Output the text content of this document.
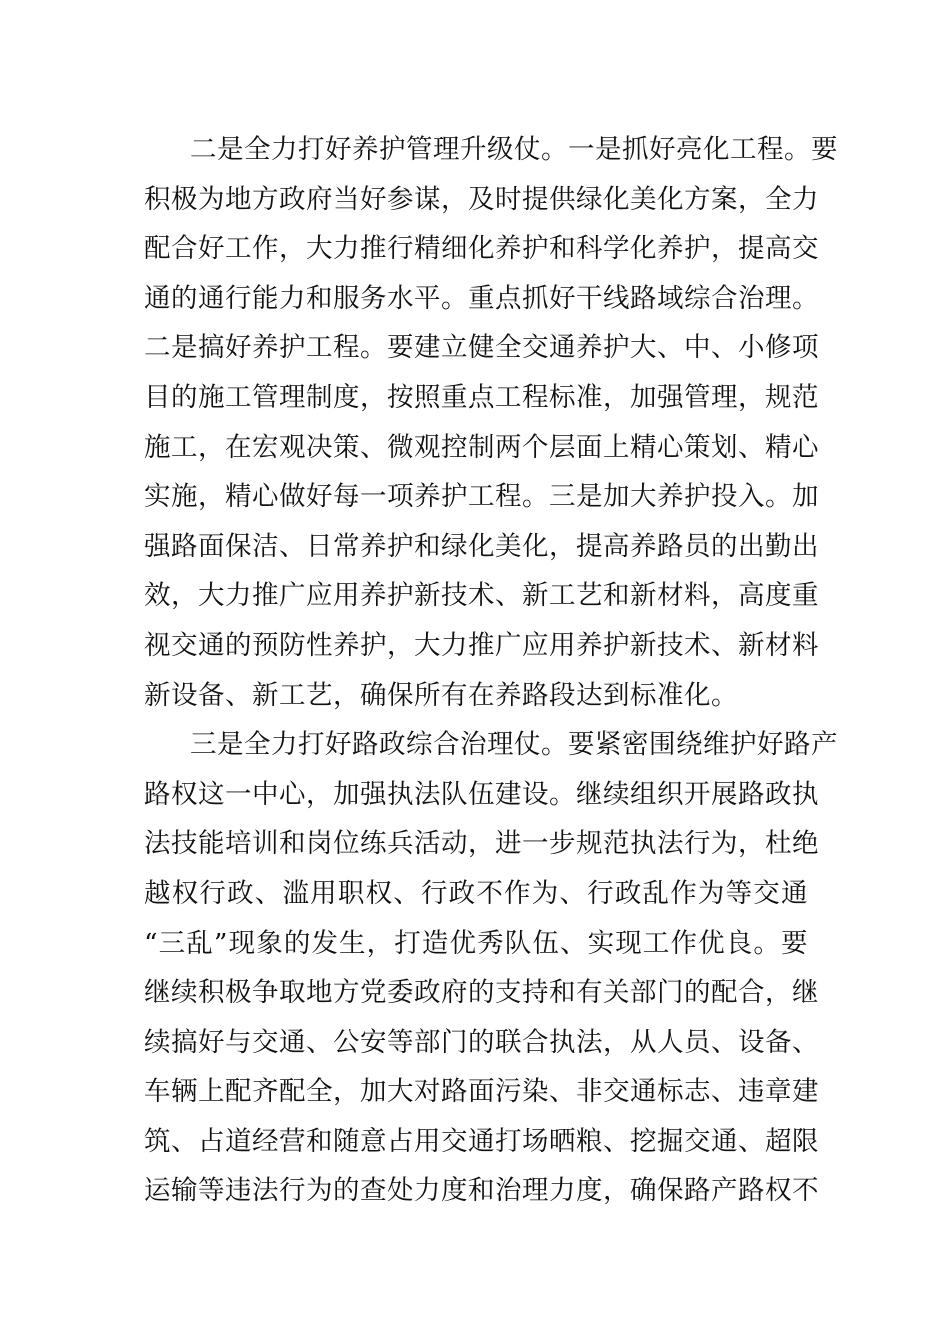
二是全力打好养护管理升级仗。一是抓好亮化工程。要
积极为地方政府当好参谋，及时提供绿化美化方案，全力
配合好工作，大力推行精细化养护和科学化养护，提高交
通的通行能力和服务水平。重点抓好干线路域综合治理。
二是搞好养护工程。要建立健全交通养护大、中、小修项
目的施工管理制度，按照重点工程标准，加强管理，规范
施工，在宏观决策、微观控制两个层面上精心策划、精心
实施，精心做好每一项养护工程。三是加大养护投入。加
强路面保洁、日常养护和绿化美化，提高养路员的出勤出
效，大力推广应用养护新技术、新工艺和新材料，高度重
视交通的预防性养护，大力推广应用养护新技术、新材料
新设备、新工艺，确保所有在养路段达到标准化。
三是全力打好路政综合治理仗。要紧密围绕维护好路产
路权这一中心，加强执法队伍建设。继续组织开展路政执
法技能培训和岗位练兵活动，进一步规范执法行为，杜绝
越权行政、滥用职权、行政不作为、行政乱作为等交通
“三乱”现象的发生，打造优秀队伍、实现工作优良。要
继续积极争取地方党委政府的支持和有关部门的配合，继
续搞好与交通、公安等部门的联合执法，从人员、设备、
车辆上配齐配全，加大对路面污染、非交通标志、违章建
筑、占道经营和随意占用交通打场晒粮、挖掘交通、超限
运输等违法行为的查处力度和治理力度，确保路产路权不
